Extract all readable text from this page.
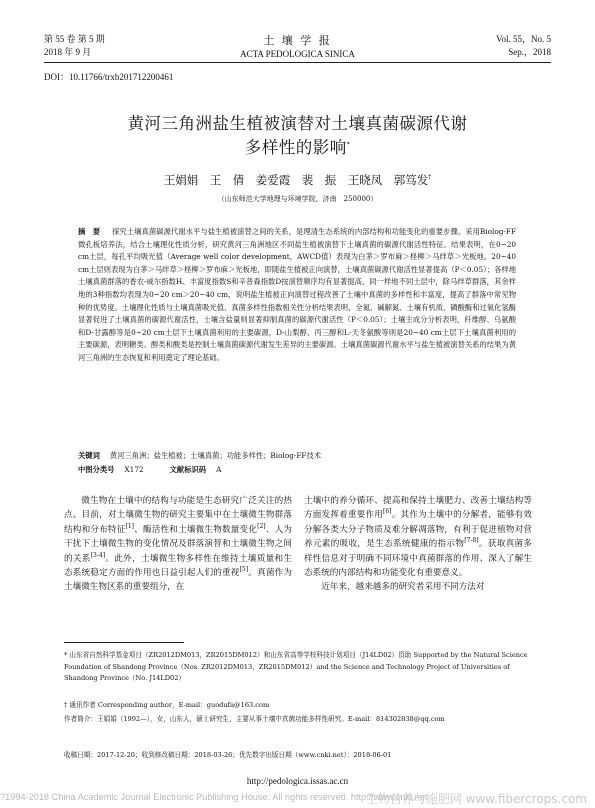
第 55 卷 第 5 期
2018 年 9 月
土 壤 学 报
ACTA PEDOLOGICA SINICA
Vol. 55，No. 5
Sep.，2018
DOI：10.11766/trxb201712200461
黄河三角洲盐生植被演替对土壤真菌碳源代谢
多样性的影响*
王娟娟　王　倩　姜爱霞　裴　振　王晓凤　郭笃发†
（山东师范大学地理与环境学院，济南　250000）
摘　要 探究土壤真菌碳源代谢水平与盐生植被演替之间的关系，是理清生态系统的内部结构和功能变化的重要步骤。采用Biolog-FF微孔板培养法，结合土壤理化性质分析，研究黄河三角洲地区不同盐生植被演替下土壤真菌的碳源代谢活性特征。结果表明，在0~20 cm土层，每孔平均吸光值（Average well color development，AWCD值）表现为白茅＞罗布麻＞柽柳＞马绊草＞光板地，20~40 cm土层则表现为白茅＞马绊草＞柽柳＞罗布麻＞光板地，即随盐生植被正向演替，土壤真菌碳源代谢活性显著提高（P＜0.05）；各样地土壤真菌群落的香农-威尔指数H、丰富度指数S和辛普森指数D按演替顺序均有显著提高，同一样地不同土层中，除马绊草群落，其余样地的3种指数均表现为0~20 cm＞20~40 cm，说明盐生植被正向演替过程改善了土壤中真菌的多样性和丰富度，提高了群落中常见物种的优势度。土壤理化性质与土壤真菌吸光值、真菌多样性指数相关性分析结果表明，全氮、碱解氮、土壤有机质、磷酸酶和过氧化氢酶显著促进了土壤真菌的碳源代谢活性，土壤含盐量则显著抑制真菌的碳源代谢活性（P＜0.05）；土壤主成分分析表明，纤维醇、乌氨酸和D-甘露醇等是0~20 cm土层下土壤真菌利用的主要碳源，D-山梨醇、丙三醇和L-天冬氨酸等则是20~40 cm土层下土壤真菌利用的主要碳源，表明糖类、醇类和酸类是控制土壤真菌碳源代谢发生差异的主要碳源。土壤真菌碳源代谢水平与盐生植被演替关系的结果为黄河三角洲的生态恢复和利用奠定了理论基础。
关键词 黄河三角洲；盐生植被；土壤真菌；功能多样性；Biolog-FF技术
中图分类号 X172	文献标识码 A
微生物在土壤中的结构与功能是生态研究广泛关注的热点。目前，对土壤微生物的研究主要集中在土壤微生物群落结构和分布特征[1]、酶活性和土壤微生物数量变化[2]、人为干扰下土壤微生物的变化情况及群落演替和土壤微生物之间的关系[3-4]。此外，土壤微生物多样性在维持土壤质量和生态系统稳定方面的作用也日益引起人们的重视[5]。真菌作为土壤微生物区系的重要组分，在
土壤中的养分循环、提高和保持土壤肥力、改善土壤结构等方面发挥着重要作用[6]。其作为土壤中的分解者，能够有效分解各类大分子物质及难分解凋落物，有利于促进植物对营养元素的吸收，是生态系统健康的指示物[7-8]。获取真菌多样性信息对于明确不同环境中真菌群落的作用、深入了解生态系统的内部结构和功能变化有重要意义。
近年来，越来越多的研究者采用不同方法对
* 山东省自然科学基金项目（ZR2012DM013，ZR2015DM012）和山东省高等学校科技计划项目（J14LD02）资助 Supported by the Natural Science Foundation of Shandong Province（Nos. ZR2012DM013，ZR2015DM012）and the Science and Technology Project of Universities of Shandong Province（No. J14LD02）
† 通讯作者 Corresponding author，E-mail：guodufa@163.com
作者简介：王娟娟（1992—），女，山东人，硕士研究生，主要从事土壤中真菌功能多样性研究。E-mail：814302838@qq.com
收稿日期：2017-12-20；收到修改稿日期：2018-03-26；优先数字出版日期（www.cnki.net）：2018-06-01
http://pedologica.issas.ac.cn
?1994-2018 China Academic Journal Electronic Publishing House. All rights reserved. http://www.cnki.net
生物营养与施肥网 www.fibercrops.com
